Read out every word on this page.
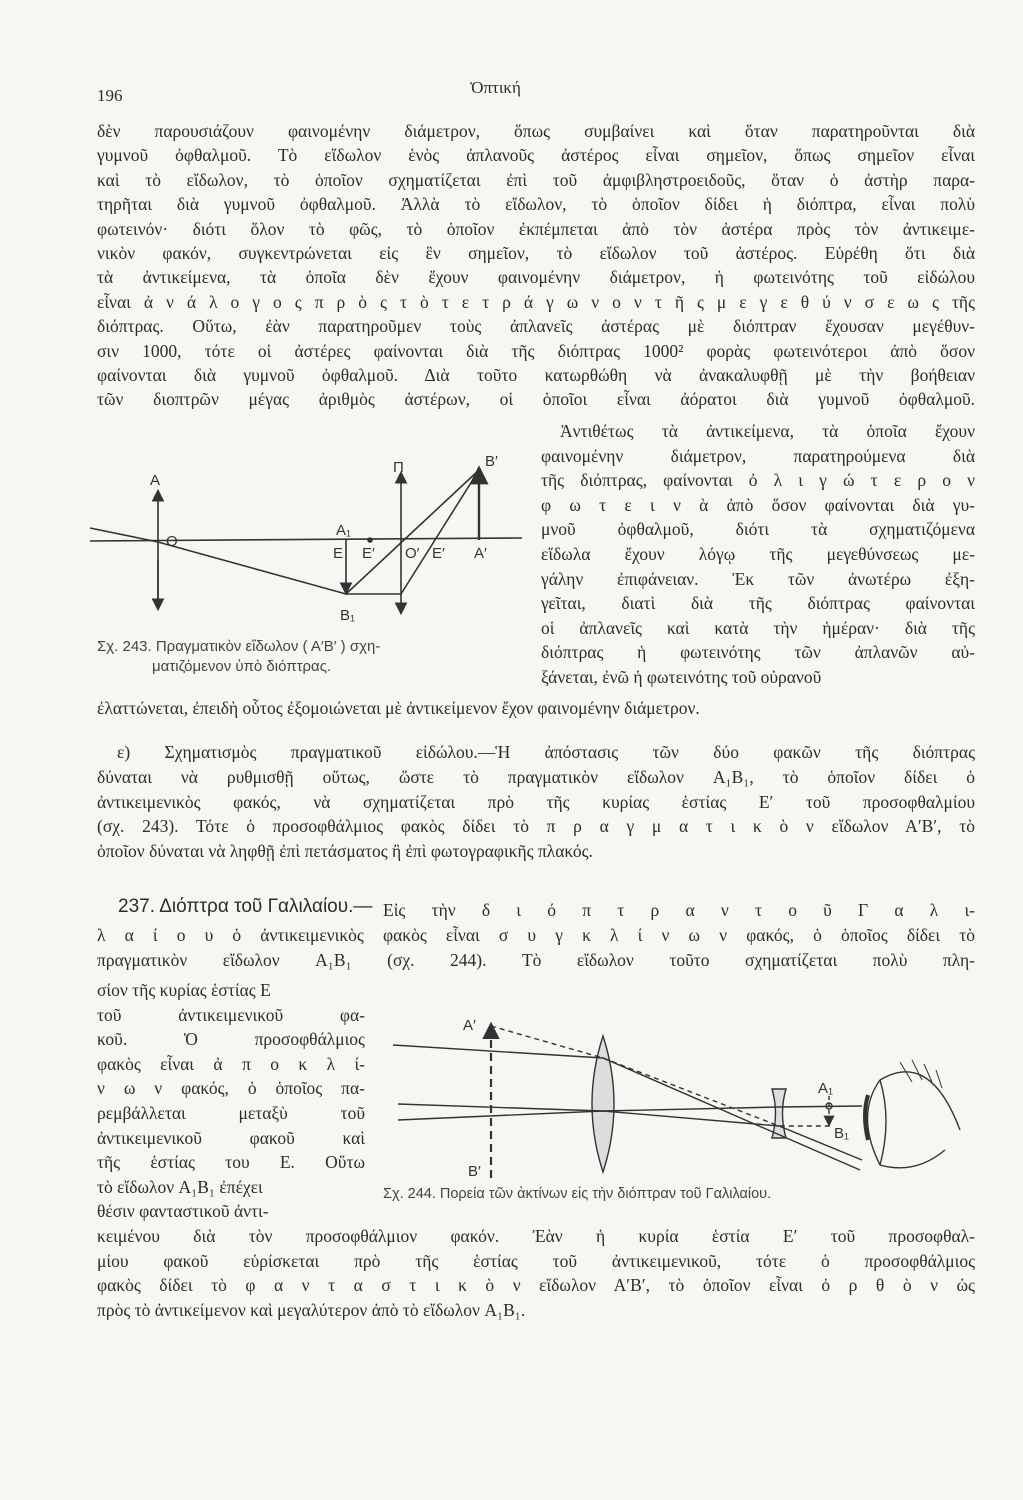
196	Ὀπτική
δὲν παρουσιάζουν φαινομένην διάμετρον, ὅπως συμβαίνει καὶ ὅταν παρατηροῦνται διὰ
γυμνοῦ ὀφθαλμοῦ. Τὸ εἴδωλον ἑνὸς ἀπλανοῦς ἀστέρος εἶναι σημεῖον, ὅπως σημεῖον εἶναι
καὶ τὸ εἴδωλον, τὸ ὁποῖον σχηματίζεται ἐπὶ τοῦ ἀμφιβληστροειδοῦς, ὅταν ὁ ἀστὴρ παρα-
τηρῆται διὰ γυμνοῦ ὀφθαλμοῦ. Ἀλλὰ τὸ εἴδωλον, τὸ ὁποῖον δίδει ἡ διόπτρα, εἶναι πολὺ
φωτεινόν· διότι ὅλον τὸ φῶς, τὸ ὁποῖον ἐκπέμπεται ἀπὸ τὸν ἀστέρα πρὸς τὸν ἀντικειμε-
νικὸν φακόν, συγκεντρώνεται εἰς ἓν σημεῖον, τὸ εἴδωλον τοῦ ἀστέρος. Εὑρέθη ὅτι διὰ
τὰ ἀντικείμενα, τὰ ὁποῖα δὲν ἔχουν φαινομένην διάμετρον, ἡ φωτεινότης τοῦ εἰδώλου
εἶναι ἀ ν ά λ ο γ ο ς π ρ ὸ ς τ ὸ τ ε τ ρ ά γ ω ν ο ν τ ῆ ς μ ε γ ε θ ύ ν σ ε ω ς τῆς
διόπτρας. Οὕτω, ἐὰν παρατηροῦμεν τοὺς ἀπλανεῖς ἀστέρας μὲ διόπτραν ἔχουσαν μεγέθυν-
σιν 1000, τότε οἱ ἀστέρες φαίνονται διὰ τῆς διόπτρας 1000² φορὰς φωτεινότεροι ἀπὸ ὅσον
φαίνονται διὰ γυμνοῦ ὀφθαλμοῦ. Διὰ τοῦτο κατωρθώθη νὰ ἀνακαλυφθῇ μὲ τὴν βοήθειαν
τῶν διοπτρῶν μέγας ἀριθμὸς ἀστέρων, οἱ ὁποῖοι εἶναι ἀόρατοι διὰ γυμνοῦ ὀφθαλμοῦ.
Ἀντιθέτως τὰ ἀντικείμενα, τὰ ὁποῖα ἔχουν
φαινομένην διάμετρον, παρατηρούμενα διὰ
τῆς διόπτρας, φαίνονται ὀ λ ι γ ώ τ ε ρ ο ν
φ ω τ ε ι ν ὰ ἀπὸ ὅσον φαίνονται διὰ γυ-
μνοῦ ὀφθαλμοῦ, διότι τὰ σχηματιζόμενα
εἴδωλα ἔχουν λόγῳ τῆς μεγεθύνσεως με-
γάλην ἐπιφάνειαν. Ἐκ τῶν ἀνωτέρω ἐξη-
γεῖται, διατὶ διὰ τῆς διόπτρας φαίνονται
οἱ ἀπλανεῖς καὶ κατὰ τὴν ἡμέραν· διὰ τῆς
διόπτρας ἡ φωτεινότης τῶν ἀπλανῶν αὐ-
ξάνεται, ἐνῶ ἡ φωτεινότης τοῦ οὐρανοῦ
ἐλαττώνεται, ἐπειδὴ οὗτος ἐξομοιώνεται μὲ ἀντικείμενον ἔχον φαινομένην διάμετρον.
ε) Σχηματισμὸς πραγματικοῦ εἰδώλου.—Ἡ ἀπόστασις τῶν δύο φακῶν τῆς διόπτρας
δύναται νὰ ρυθμισθῇ οὕτως, ὥστε τὸ πραγματικὸν εἴδωλον A₁B₁, τὸ ὁποῖον δίδει ὁ
ἀντικειμενικὸς φακός, νὰ σχηματίζεται πρὸ τῆς κυρίας ἑστίας Ε′ τοῦ προσοφθαλμίου
(σχ. 243). Τότε ὁ προσοφθάλμιος φακὸς δίδει τὸ π ρ α γ μ α τ ι κ ὸ ν εἴδωλον Α′Β′, τὸ
ὁποῖον δύναται νὰ ληφθῇ ἐπὶ πετάσματος ἢ ἐπὶ φωτογραφικῆς πλακός.
Εἰς τὴν δ ι ό π τ ρ α ν τ ο ῦ Γ α λ ι-
λ α ί ο υ ὁ ἀντικειμενικὸς φακὸς εἶναι σ υ γ κ λ ί ν ω ν φακός, ὁ ὁποῖος δίδει τὸ
πραγματικὸν εἴδωλον A₁B₁ (σχ. 244). Τὸ εἴδωλον τοῦτο σχηματίζεται πολὺ πλη-
σίον τῆς κυρίας ἑστίας Ε
τοῦ ἀντικειμενικοῦ φα-
κοῦ. Ὁ προσοφθάλμιος
φακὸς εἶναι ἀ π ο κ λ ί-
ν ω ν φακός, ὁ ὁποῖος πα-
ρεμβάλλεται μεταξὺ τοῦ
ἀντικειμενικοῦ φακοῦ καὶ
τῆς ἑστίας του Ε. Οὕτω
τὸ εἴδωλον A₁B₁ ἐπέχει
θέσιν φανταστικοῦ ἀντι-
κειμένου διὰ τὸν προσοφθάλμιον φακόν. Ἐὰν ἡ κυρία ἑστία Ε′ τοῦ προσοφθαλ-
μίου φακοῦ εὑρίσκεται πρὸ τῆς ἑστίας τοῦ ἀντικειμενικοῦ, τότε ὁ προσοφθάλμιος
φακὸς δίδει τὸ φ α ν τ α σ τ ι κ ὸ ν εἴδωλον Α′Β′, τὸ ὁποῖον εἶναι ὀ ρ θ ὸ ν ὡς
πρὸς τὸ ἀντικείμενον καὶ μεγαλύτερον ἀπὸ τὸ εἴδωλον A₁B₁.
237. Διόπτρα τοῦ Γαλιλαίου.—
Σχ. 243. Πραγματικὸν εἴδωλον ( Α′Β′ ) σχη-
ματιζόμενον ὑπὸ διόπτρας.
Σχ. 244. Πορεία τῶν ἀκτίνων εἰς τὴν διόπτραν τοῦ Γαλιλαίου.
A
O
Π	B′
A₁
E E′ O′ E′ A′
B₁
A′
B′
A₁
B₁
